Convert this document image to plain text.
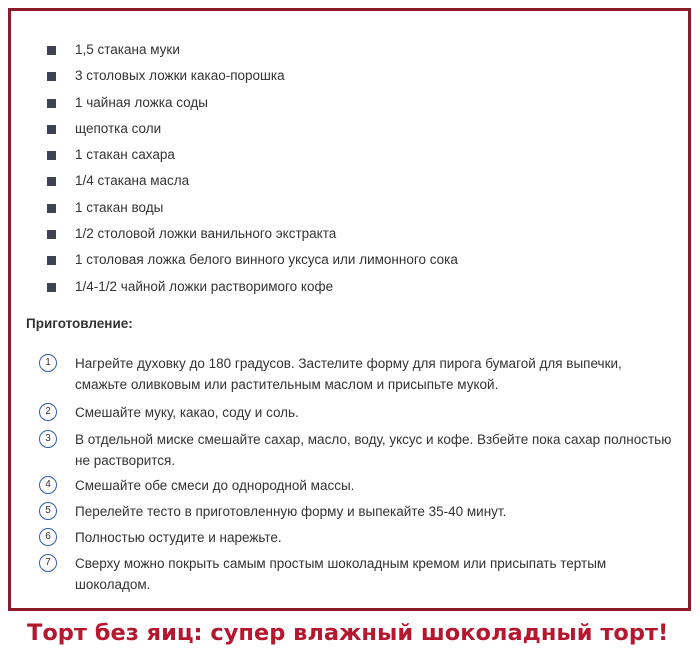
1,5 стакана муки
3 столовых ложки какао-порошка
1 чайная ложка соды
щепотка соли
1 стакан сахара
1/4 стакана масла
1 стакан воды
1/2 столовой ложки ванильного экстракта
1 столовая ложка белого винного уксуса или лимонного сока
1/4-1/2 чайной ложки растворимого кофе

Приготовление:

1	Нагрейте духовку до 180 градусов. Застелите форму для пирога бумагой для выпечки, смажьте оливковым или растительным маслом и присыпьте мукой.
2	Смешайте муку, какао, соду и соль.
3	В отдельной миске смешайте сахар, масло, воду, уксус и кофе. Взбейте пока сахар полностью не растворится.
4	Смешайте обе смеси до однородной массы.
5	Перелейте тесто в приготовленную форму и выпекайте 35-40 минут.
6	Полностью остудите и нарежьте.
7	Сверху можно покрыть самым простым шоколадным кремом или присыпать тертым шоколадом.

Торт без яиц: супер влажный шоколадный торт!
